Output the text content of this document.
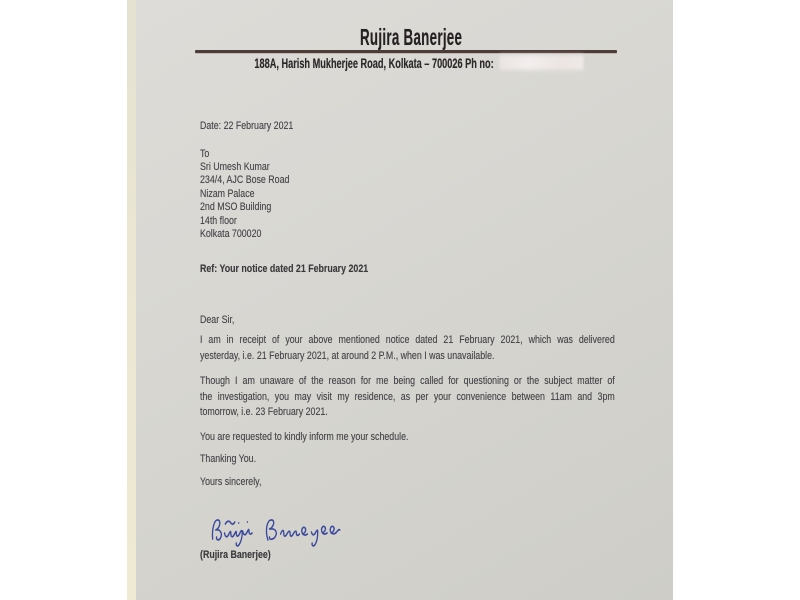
Rujira Banerjee
188A, Harish Mukherjee Road, Kolkata – 700026 Ph no:
Date: 22 February 2021
To
Sri Umesh Kumar
234/4, AJC Bose Road
Nizam Palace
2nd MSO Building
14th floor
Kolkata 700020
Ref: Your notice dated 21 February 2021
Dear Sir,
I am in receipt of your above mentioned notice dated 21 February 2021, which was delivered
yesterday, i.e. 21 February 2021, at around 2 P.M., when I was unavailable.
Though I am unaware of the reason for me being called for questioning or the subject matter of
the investigation, you may visit my residence, as per your convenience between 11am and 3pm
tomorrow, i.e. 23 February 2021.
You are requested to kindly inform me your schedule.
Thanking You.
Yours sincerely,
(Rujira Banerjee)
